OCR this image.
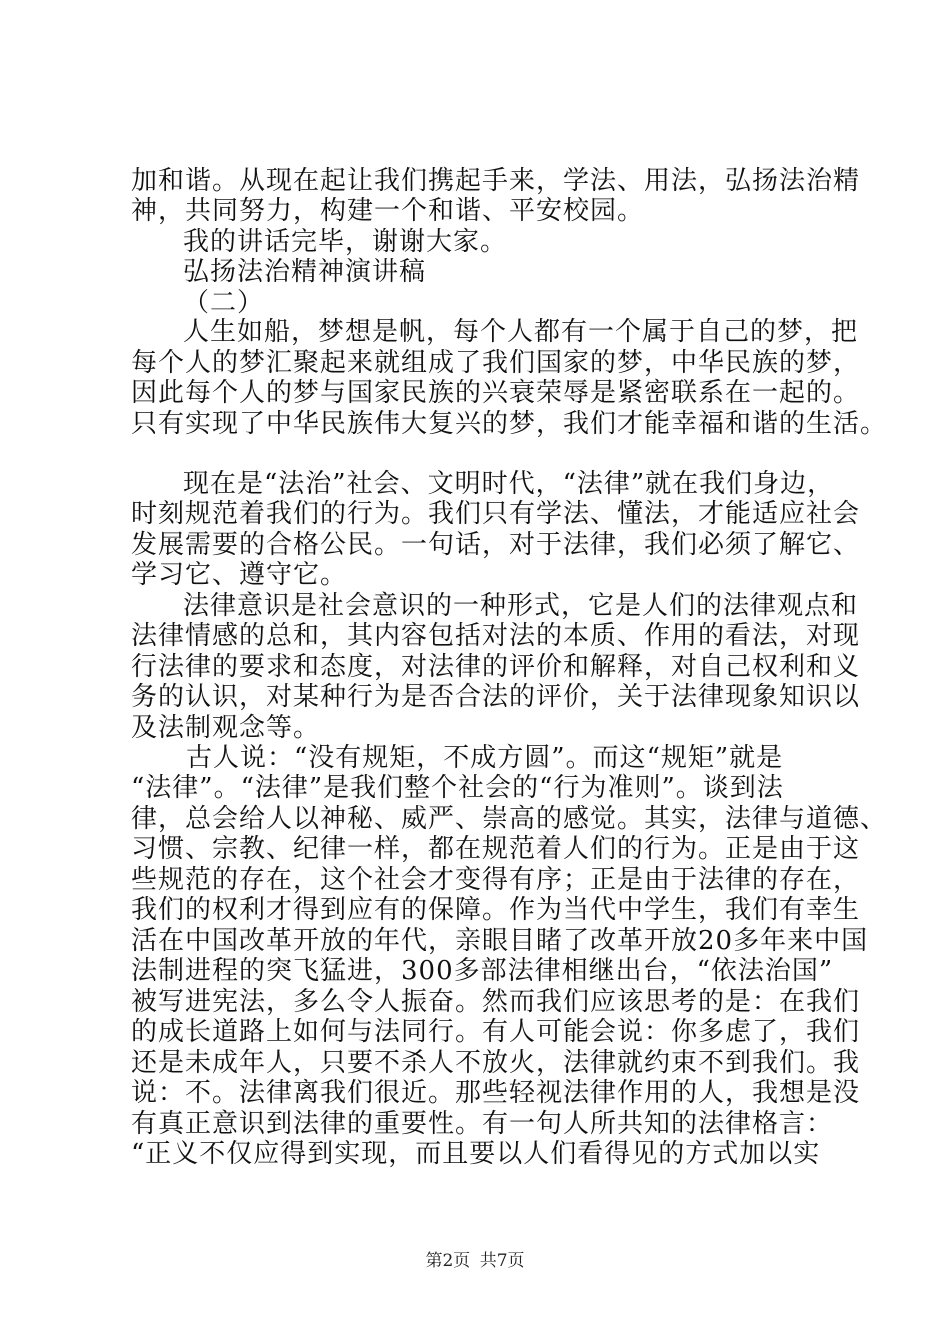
加和谐。从现在起让我们携起手来，学法、用法，弘扬法治精
神，共同努力，构建一个和谐、平安校园。
我的讲话完毕，谢谢大家。
弘扬法治精神演讲稿
（二）
人生如船，梦想是帆，每个人都有一个属于自己的梦，把
每个人的梦汇聚起来就组成了我们国家的梦，中华民族的梦，
因此每个人的梦与国家民族的兴衰荣辱是紧密联系在一起的。
只有实现了中华民族伟大复兴的梦，我们才能幸福和谐的生活。
现在是“法治”社会、文明时代，“法律”就在我们身边，
时刻规范着我们的行为。我们只有学法、懂法，才能适应社会
发展需要的合格公民。一句话，对于法律，我们必须了解它、
学习它、遵守它。
法律意识是社会意识的一种形式，它是人们的法律观点和
法律情感的总和，其内容包括对法的本质、作用的看法，对现
行法律的要求和态度，对法律的评价和解释，对自己权利和义
务的认识，对某种行为是否合法的评价，关于法律现象知识以
及法制观念等。
古人说：“没有规矩，不成方圆”。而这“规矩”就是
“法律”。“法律”是我们整个社会的“行为准则”。谈到法
律，总会给人以神秘、威严、崇高的感觉。其实，法律与道德、
习惯、宗教、纪律一样，都在规范着人们的行为。正是由于这
些规范的存在，这个社会才变得有序；正是由于法律的存在，
我们的权利才得到应有的保障。作为当代中学生，我们有幸生
活在中国改革开放的年代，亲眼目睹了改革开放20多年来中国
法制进程的突飞猛进，300多部法律相继出台，“依法治国”
被写进宪法，多么令人振奋。然而我们应该思考的是：在我们
的成长道路上如何与法同行。有人可能会说：你多虑了，我们
还是未成年人，只要不杀人不放火，法律就约束不到我们。我
说：不。法律离我们很近。那些轻视法律作用的人，我想是没
有真正意识到法律的重要性。有一句人所共知的法律格言：
“正义不仅应得到实现，而且要以人们看得见的方式加以实
第2页 共7页
